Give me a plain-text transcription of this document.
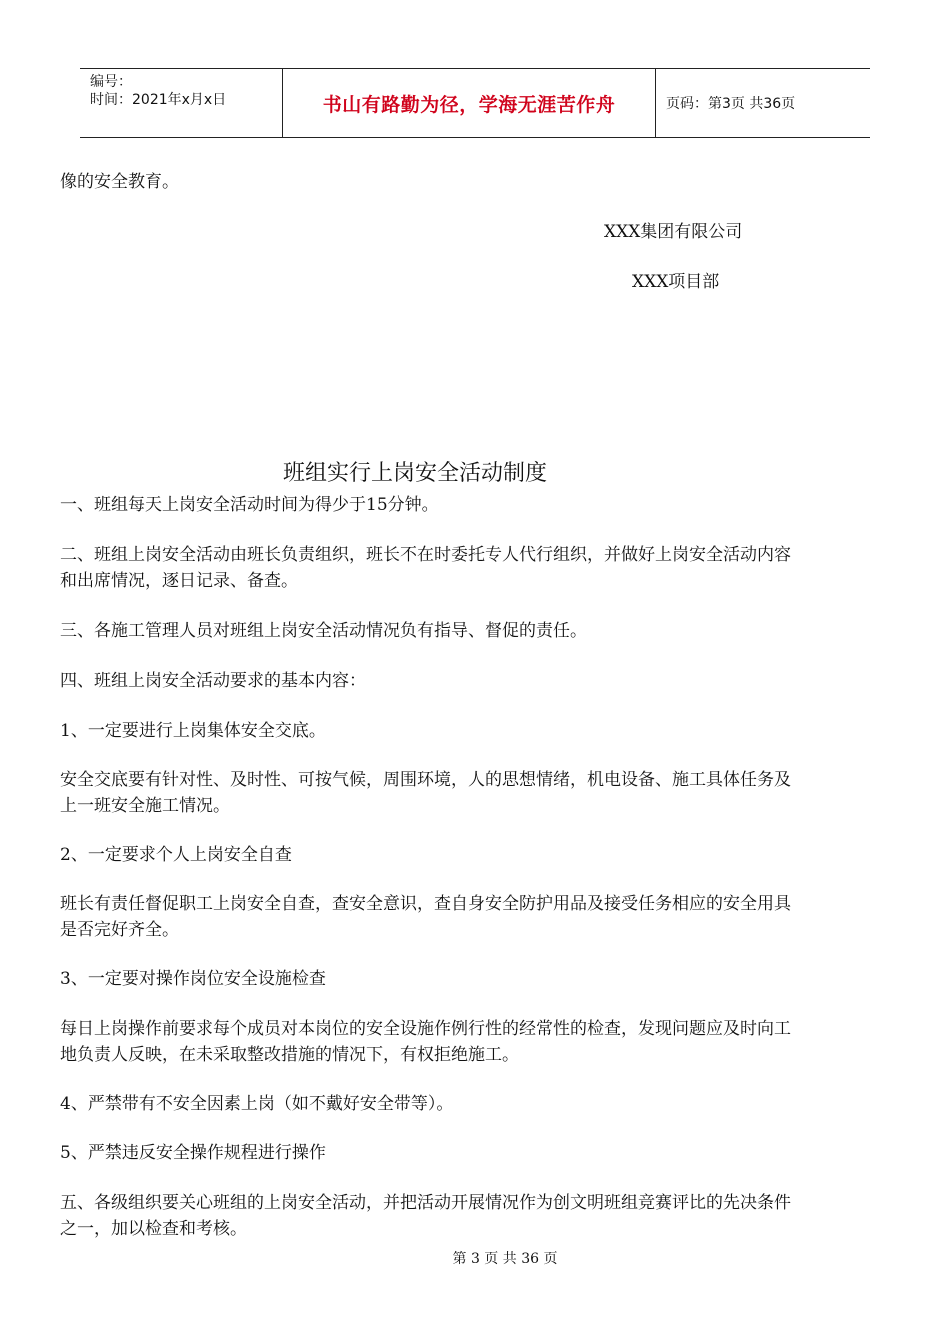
编号：
时间：2021年x月x日	书山有路勤为径，学海无涯苦作舟	页码：第3页 共36页
像的安全教育。
XXX集团有限公司
XXX项目部
班组实行上岗安全活动制度
一、班组每天上岗安全活动时间为得少于15分钟。
二、班组上岗安全活动由班长负责组织，班长不在时委托专人代行组织，并做好上岗安全活动内容
和出席情况，逐日记录、备查。
三、各施工管理人员对班组上岗安全活动情况负有指导、督促的责任。
四、班组上岗安全活动要求的基本内容：
1、一定要进行上岗集体安全交底。
安全交底要有针对性、及时性、可按气候，周围环境，人的思想情绪，机电设备、施工具体任务及
上一班安全施工情况。
2、一定要求个人上岗安全自查
班长有责任督促职工上岗安全自查，查安全意识，查自身安全防护用品及接受任务相应的安全用具
是否完好齐全。
3、一定要对操作岗位安全设施检查
每日上岗操作前要求每个成员对本岗位的安全设施作例行性的经常性的检查，发现问题应及时向工
地负责人反映，在未采取整改措施的情况下，有权拒绝施工。
4、严禁带有不安全因素上岗（如不戴好安全带等）。
5、严禁违反安全操作规程进行操作
五、各级组织要关心班组的上岗安全活动，并把活动开展情况作为创文明班组竞赛评比的先决条件
之一，加以检查和考核。
第 3 页 共 36 页
